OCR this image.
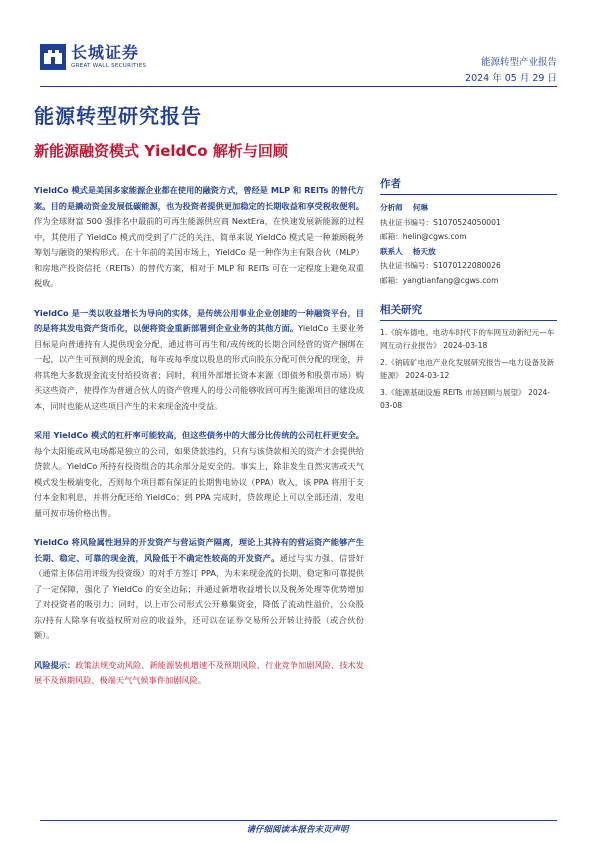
长城证券
GREAT WALL SECURITIES	能源转型产业报告
2024 年 05 月 29 日
能源转型研究报告
新能源融资模式 YieldCo 解析与回顾

YieldCo 模式是美国多家能源企业都在使用的融资方式，曾经是 MLP 和 REITs 的替代方案。目的是撬动资金发展低碳能源，也为投资者提供更加稳定的长期收益和享受税收便利。作为全球财富 500 强排名中最前的可再生能源供应商 NextEra，在快速发展新能源的过程中，其使用了 YieldCo 模式而受到了广泛的关注，简单来说 YieldCo 模式是一种兼顾税务筹划与融资的架构形式。在十年前的美国市场上，YieldCo 是一种作为主有限合伙（MLP）和房地产投资信托（REITs）的替代方案，相对于 MLP 和 REITs 可在一定程度上避免双重税收。

YieldCo 是一类以收益增长为导向的实体，是传统公用事业企业创建的一种融资平台，目的是将其发电资产货币化，以便将资金重新部署到企业业务的其他方面。YieldCo 主要业务目标是向普通持有人提供现金分配，通过将可再生和/或传统的长期合同经营的资产捆绑在一起，以产生可预测的现金流，每年或每季度以股息的形式向股东分配可供分配的现金，并将其绝大多数现金流支付给投资者；同时，利用外部增长资本来源（即债务和股票市场）购买这些资产，使得作为普通合伙人的资产管理人的母公司能够收回可再生能源项目的建设成本，同时也能从这些项目产生的未来现金流中受益。

采用 YieldCo 模式的杠杆率可能较高，但这些债务中的大部分比传统的公司杠杆更安全。每个太阳能或风电场都是独立的公司，如果贷款违约，只有与该贷款相关的资产才会提供给贷款人。YieldCo 所持有投资组合的其余部分是安全的。事实上，除非发生自然灾害或天气模式发生极端变化，否则每个项目都有保证的长期售电协议（PPA）收入，该 PPA 将用于支付本金和利息，并将分配还给 YieldCo；到 PPA 完成时，贷款理论上可以全部还清，发电量可按市场价格出售。

YieldCo 将风险属性迥异的开发资产与营运资产隔离，理论上其持有的营运资产能够产生长期、稳定、可靠的现金流，风险低于不确定性较高的开发资产。通过与实力强、信誉好（通常主体信用评级为投资级）的对手方签订 PPA，为未来现金流的长期、稳定和可靠提供了一定保障，强化了 YieldCo 的安全边际；并通过新增收益增长以及税务处理等优势增加了对投资者的吸引力；同时，以上市公司形式公开募集资金，降低了流动性溢价，公众股东/持有人除享有收益权所对应的收益外，还可以在证券交易所公开转让持股（或合伙份额）。

风险提示：政策法规变动风险、新能源装机增速不及预期风险、行业竞争加剧风险、技术发展不及预期风险、极端天气气候事件加剧风险。

作者
分析师 何琳
执业证书编号：S1070524050001
邮箱：helin@cgws.com
联系人 杨天放
执业证书编号：S1070122080026
邮箱：yangtianfang@cgws.com
相关研究
1.《皖车德电、电动车时代下的车网互动新纪元—车网互动行业报告》 2024-03-18
2.《钠硫矿电池产业化发展研究报告—电力设备及新能源》 2024-03-12
3.《能源基础设施 REITs 市场回顾与展望》 2024-03-08
请仔细阅读本报告末页声明
